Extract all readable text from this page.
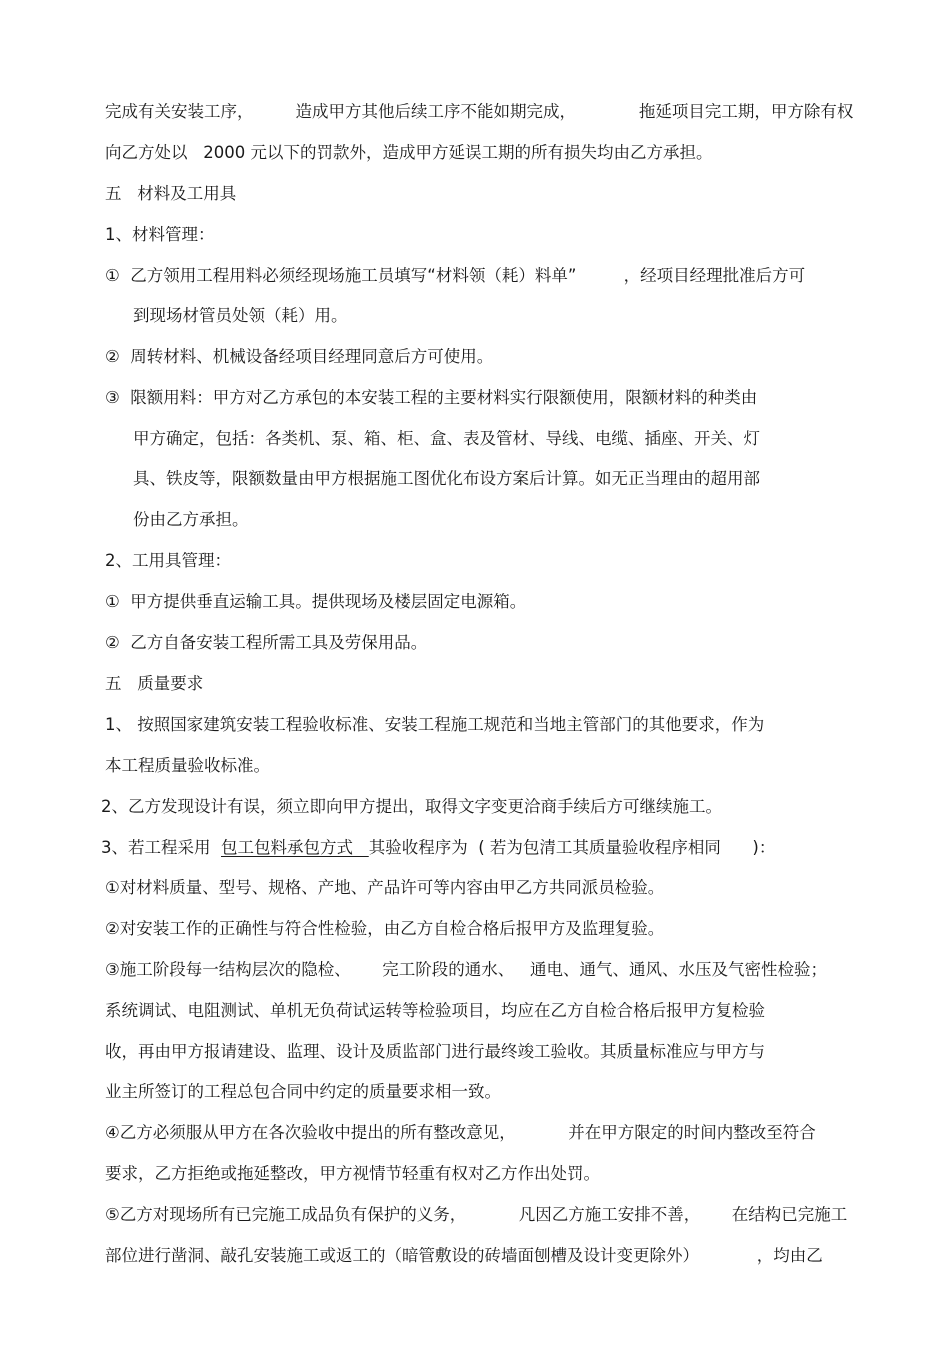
完成有关安装工序，        造成甲方其他后续工序不能如期完成，            拖延项目完工期，甲方除有权
向乙方处以   2000 元以下的罚款外，造成甲方延误工期的所有损失均由乙方承担。
五   材料及工用具
1、材料管理：
①  乙方领用工程用料必须经现场施工员填写“材料领（耗）料单”         ，经项目经理批准后方可
到现场材管员处领（耗）用。
②  周转材料、机械设备经项目经理同意后方可使用。
③  限额用料：甲方对乙方承包的本安装工程的主要材料实行限额使用，限额材料的种类由
甲方确定，包括：各类机、泵、箱、柜、盒、表及管材、导线、电缆、插座、开关、灯
具、铁皮等，限额数量由甲方根据施工图优化布设方案后计算。如无正当理由的超用部
份由乙方承担。
2、工用具管理：
①  甲方提供垂直运输工具。提供现场及楼层固定电源箱。
②  乙方自备安装工程所需工具及劳保用品。
五   质量要求
1、 按照国家建筑安装工程验收标准、安装工程施工规范和当地主管部门的其他要求，作为
本工程质量验收标准。
2、乙方发现设计有误，须立即向甲方提出，取得文字变更洽商手续后方可继续施工。
①对材料质量、型号、规格、产地、产品许可等内容由甲乙方共同派员检验。
②对安装工作的正确性与符合性检验，由乙方自检合格后报甲方及监理复验。
③施工阶段每一结构层次的隐检、      完工阶段的通水、   通电、通气、通风、水压及气密性检验；
系统调试、电阻测试、单机无负荷试运转等检验项目，均应在乙方自检合格后报甲方复检验
收，再由甲方报请建设、监理、设计及质监部门进行最终竣工验收。其质量标准应与甲方与
业主所签订的工程总包合同中约定的质量要求相一致。
④乙方必须服从甲方在各次验收中提出的所有整改意见，          并在甲方限定的时间内整改至符合
要求，乙方拒绝或拖延整改，甲方视情节轻重有权对乙方作出处罚。
⑤乙方对现场所有已完施工成品负有保护的义务，          凡因乙方施工安排不善，      在结构已完施工
部位进行凿洞、敲孔安装施工或返工的（暗管敷设的砖墙面刨槽及设计变更除外）           ，均由乙
3、若工程采用  包工包料承包方式   其验收程序为  ( 若为包清工其质量验收程序相同      )：
